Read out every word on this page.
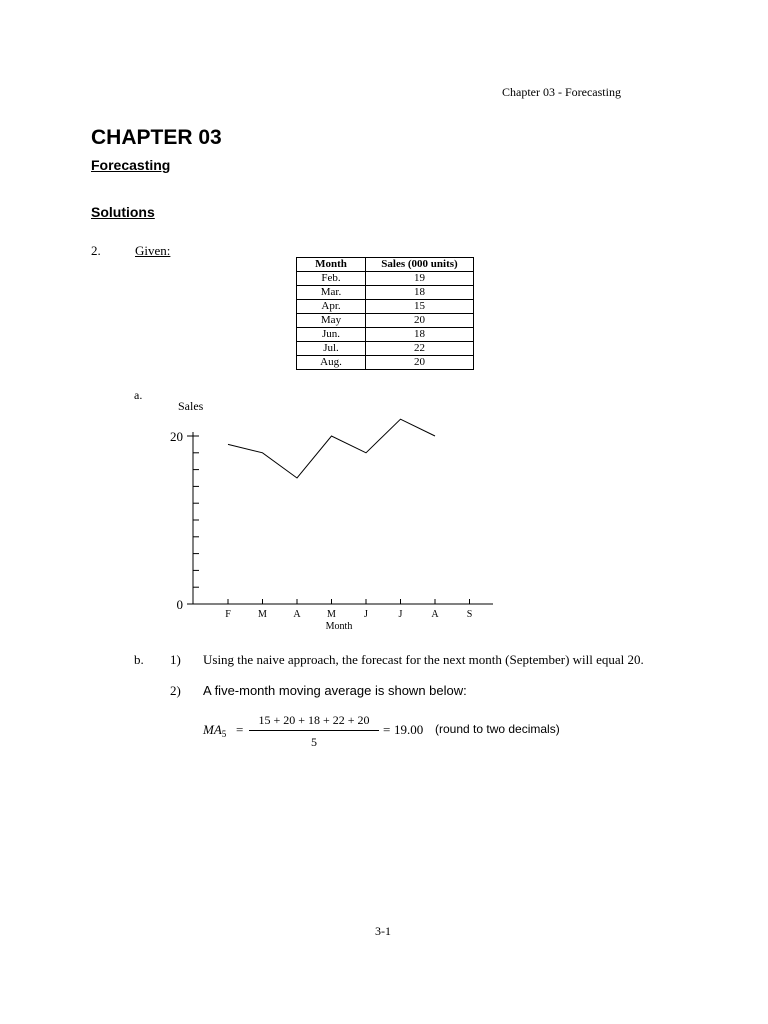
Chapter 03 - Forecasting
CHAPTER 03
Forecasting
Solutions
2.	Given:
Month	Sales (000 units)
Feb.	19
Mar.	18
Apr.	15
May	20
Jun.	18
Jul.	22
Aug.	20
a.
Sales
0
20
F	M	A	M	J	J	A	S
Month
b. 1) Using the naive approach, the forecast for the next month (September) will equal 20.
2) A five-month moving average is shown below:
$MA_5$ =
15 + 20 + 18 + 22 + 20
5
= 19.00 (round to two decimals)
3-1
